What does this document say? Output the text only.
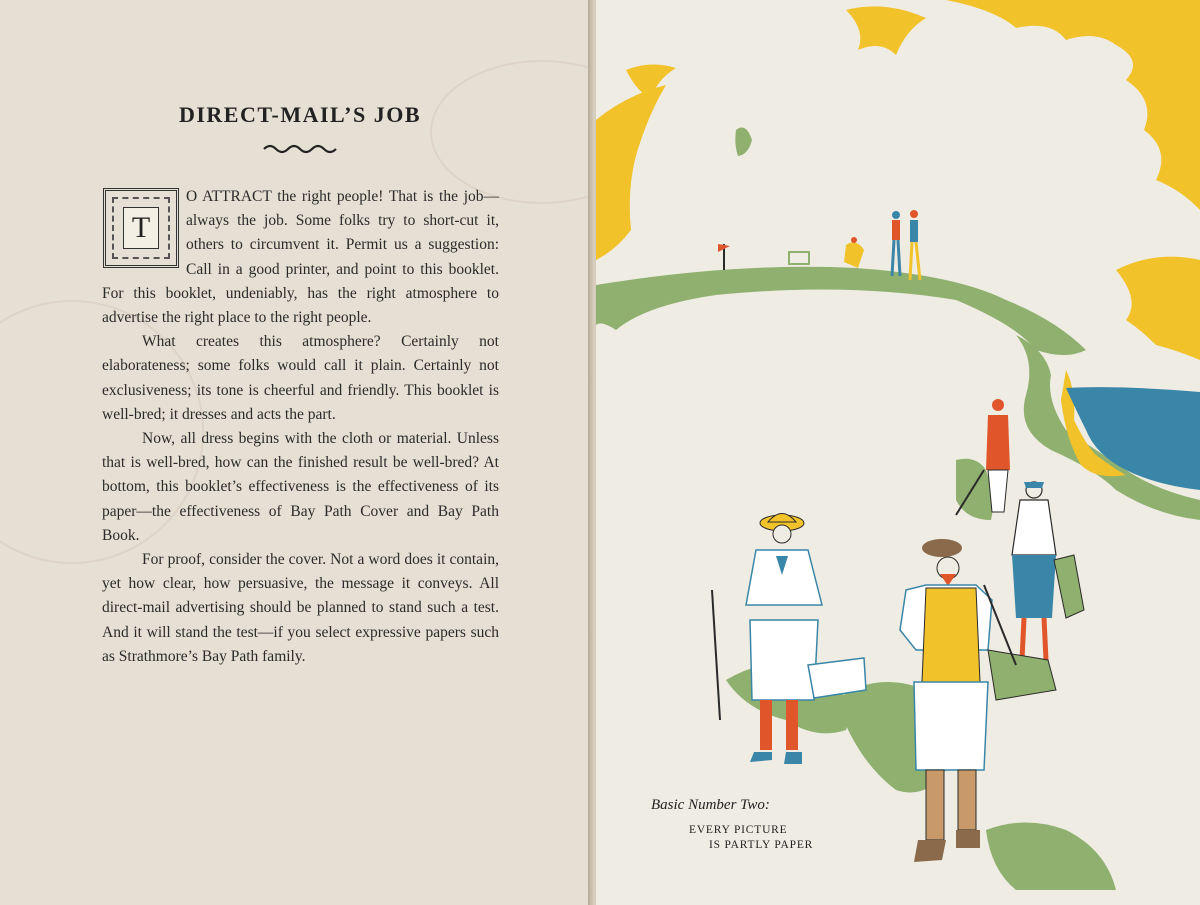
DIRECT-MAIL’S JOB

O ATTRACT the right people! That is the job—always the job. Some folks try to short-cut it, others to circumvent it. Permit us a suggestion: Call in a good printer, and point to this booklet. For this booklet, undeniably, has the right atmosphere to advertise the right place to the right people.

What creates this atmosphere? Certainly not elaborateness; some folks would call it plain. Certainly not exclusiveness; its tone is cheerful and friendly. This booklet is well-bred; it dresses and acts the part.

Now, all dress begins with the cloth or material. Unless that is well-bred, how can the finished result be well-bred? At bottom, this booklet’s effectiveness is the effectiveness of its paper—the effectiveness of Bay Path Cover and Bay Path Book.

For proof, consider the cover. Not a word does it contain, yet how clear, how persuasive, the message it conveys. All direct-mail advertising should be planned to stand such a test. And it will stand the test—if you select expressive papers such as Strathmore’s Bay Path family.

T

Basic Number Two:

EVERY PICTURE

IS PARTLY PAPER
